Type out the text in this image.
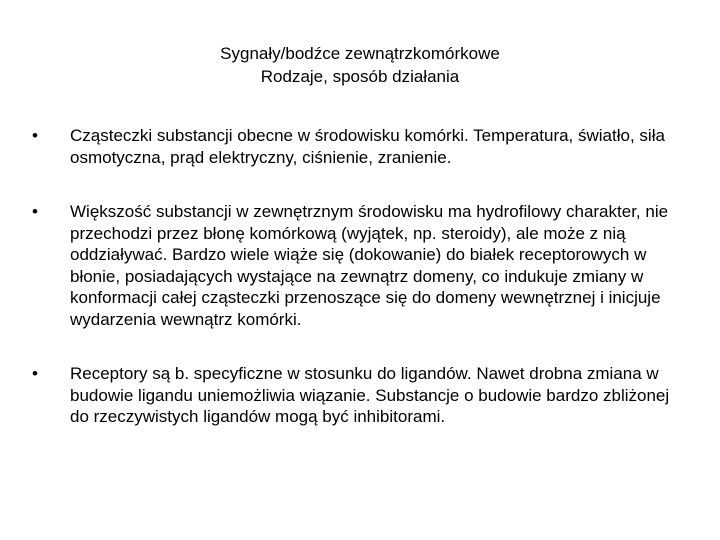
Sygnały/bodźce zewnątrzkomórkowe
Rodzaje, sposób działania
•	Cząsteczki substancji obecne w środowisku komórki. Temperatura, światło, siła osmotyczna, prąd elektryczny, ciśnienie, zranienie.
•	Większość substancji w zewnętrznym środowisku ma hydrofilowy charakter, nie przechodzi przez błonę komórkową (wyjątek, np. steroidy), ale może z nią oddziaływać. Bardzo wiele wiąże się (dokowanie) do białek receptorowych w błonie, posiadających wystające na zewnątrz domeny, co indukuje zmiany w konformacji całej cząsteczki przenoszące się do domeny wewnętrznej i inicjuje wydarzenia wewnątrz komórki.
•	Receptory są b. specyficzne w stosunku do ligandów. Nawet drobna zmiana w budowie ligandu uniemożliwia wiązanie. Substancje o budowie bardzo zbliżonej do rzeczywistych ligandów mogą być inhibitorami.
